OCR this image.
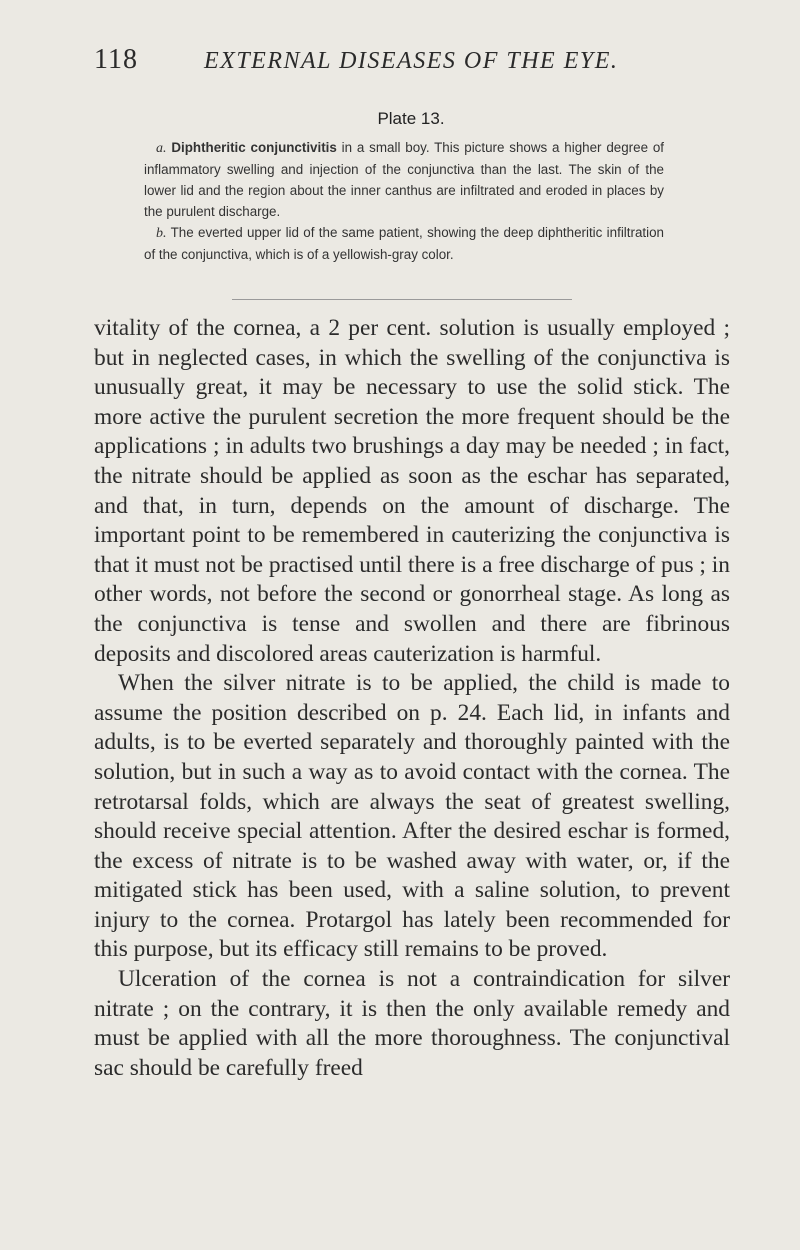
118	EXTERNAL DISEASES OF THE EYE.
Plate 13.

a. Diphtheritic conjunctivitis in a small boy. This picture shows a higher degree of inflammatory swelling and injection of the conjunctiva than the last. The skin of the lower lid and the region about the inner canthus are infiltrated and eroded in places by the purulent discharge.

b. The everted upper lid of the same patient, showing the deep diphtheritic infiltration of the conjunctiva, which is of a yellowish-gray color.

vitality of the cornea, a 2 per cent. solution is usually employed ; but in neglected cases, in which the swelling of the conjunctiva is unusually great, it may be necessary to use the solid stick. The more active the purulent secretion the more frequent should be the applications ; in adults two brushings a day may be needed ; in fact, the nitrate should be applied as soon as the eschar has separated, and that, in turn, depends on the amount of discharge. The important point to be remembered in cauterizing the conjunctiva is that it must not be practised until there is a free discharge of pus ; in other words, not before the second or gonorrheal stage. As long as the conjunctiva is tense and swollen and there are fibrinous deposits and discolored areas cauterization is harmful.

When the silver nitrate is to be applied, the child is made to assume the position described on p. 24. Each lid, in infants and adults, is to be everted separately and thoroughly painted with the solution, but in such a way as to avoid contact with the cornea. The retrotarsal folds, which are always the seat of greatest swelling, should receive special attention. After the desired eschar is formed, the excess of nitrate is to be washed away with water, or, if the mitigated stick has been used, with a saline solution, to prevent injury to the cornea. Protargol has lately been recommended for this purpose, but its efficacy still remains to be proved.

Ulceration of the cornea is not a contraindication for silver nitrate ; on the contrary, it is then the only available remedy and must be applied with all the more thoroughness. The conjunctival sac should be carefully freed
